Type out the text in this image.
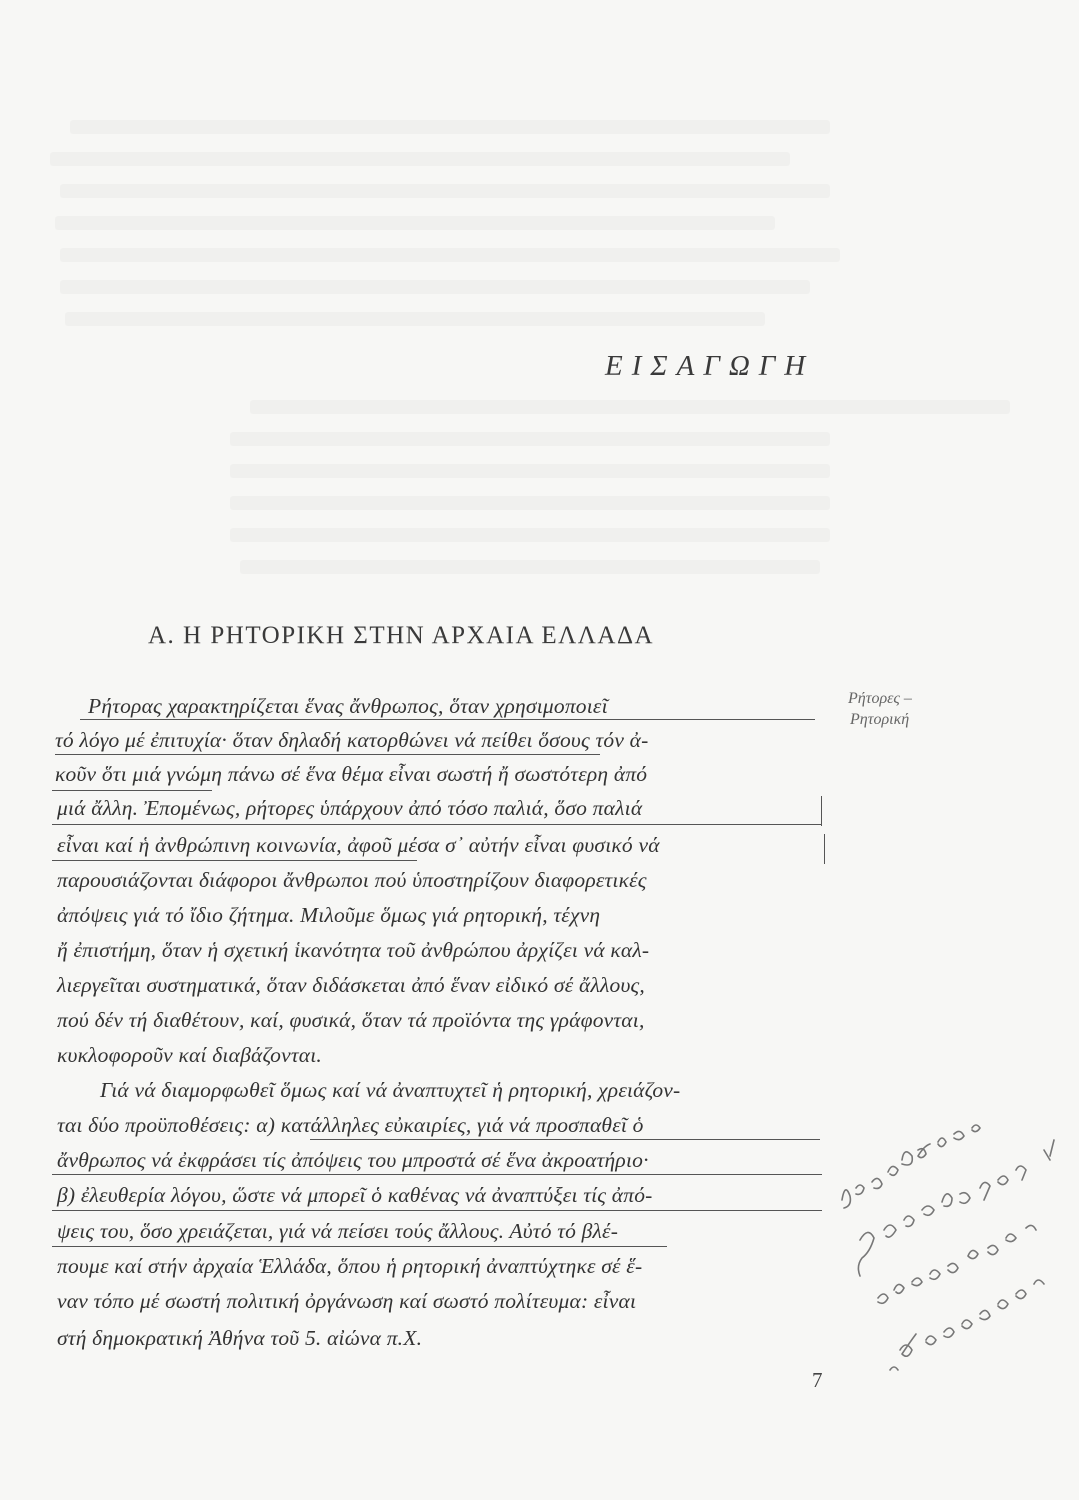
ΕΙΣΑΓΩΓΗ
Α. Η ΡΗΤΟΡΙΚΗ ΣΤΗΝ ΑΡΧΑΙΑ ΕΛΛΑΔΑ
Ρήτορες –
Ρητορική
Ρήτορας χαρακτηρίζεται ἕνας ἄνθρωπος, ὅταν χρησιμοποιεῖ
τό λόγο μέ ἐπιτυχία· ὅταν δηλαδή κατορθώνει νά πείθει ὅσους τόν ἀ-
κοῦν ὅτι μιά γνώμη πάνω σέ ἕνα θέμα εἶναι σωστή ἤ σωστότερη ἀπό
μιά ἄλλη. Ἐπομένως, ρήτορες ὑπάρχουν ἀπό τόσο παλιά, ὅσο παλιά
εἶναι καί ἡ ἀνθρώπινη κοινωνία, ἀφοῦ μέσα σ᾽ αὐτήν εἶναι φυσικό νά
παρουσιάζονται διάφοροι ἄνθρωποι πού ὑποστηρίζουν διαφορετικές
ἀπόψεις γιά τό ἴδιο ζήτημα. Μιλοῦμε ὅμως γιά ρητορική, τέχνη
ἤ ἐπιστήμη, ὅταν ἡ σχετική ἱκανότητα τοῦ ἀνθρώπου ἀρχίζει νά καλ-
λιεργεῖται συστηματικά, ὅταν διδάσκεται ἀπό ἕναν εἰδικό σέ ἄλλους,
πού δέν τή διαθέτουν, καί, φυσικά, ὅταν τά προϊόντα της γράφονται,
κυκλοφοροῦν καί διαβάζονται.
Γιά νά διαμορφωθεῖ ὅμως καί νά ἀναπτυχτεῖ ἡ ρητορική, χρειάζον-
ται δύο προϋποθέσεις: α) κατάλληλες εὐκαιρίες, γιά νά προσπαθεῖ ὁ
ἄνθρωπος νά ἐκφράσει τίς ἀπόψεις του μπροστά σέ ἕνα ἀκροατήριο·
β) ἐλευθερία λόγου, ὥστε νά μπορεῖ ὁ καθένας νά ἀναπτύξει τίς ἀπό-
ψεις του, ὅσο χρειάζεται, γιά νά πείσει τούς ἄλλους. Αὐτό τό βλέ-
πουμε καί στήν ἀρχαία Ἑλλάδα, ὅπου ἡ ρητορική ἀναπτύχτηκε σέ ἕ-
ναν τόπο μέ σωστή πολιτική ὀργάνωση καί σωστό πολίτευμα: εἶναι
στή δημοκρατική Ἀθήνα τοῦ 5. αἰώνα π.Χ.
7
